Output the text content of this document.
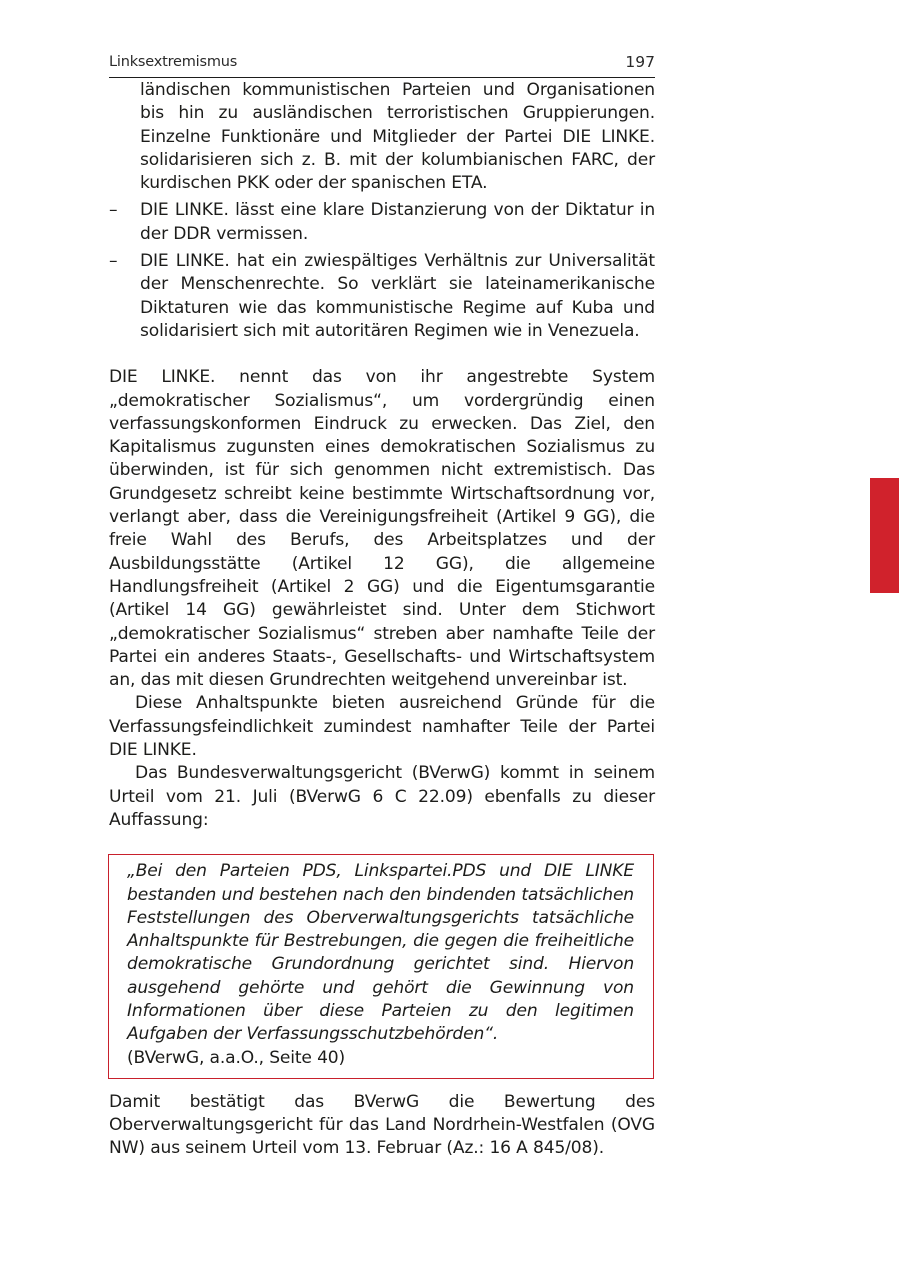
Linksextremismus	197

ländischen kommunistischen Parteien und Organisationen bis hin zu ausländischen terroristischen Gruppierungen. Einzelne Funktionäre und Mitglieder der Partei DIE LINKE. solidarisieren sich z. B. mit der kolumbianischen FARC, der kurdischen PKK oder der spanischen ETA.

– DIE LINKE. lässt eine klare Distanzierung von der Diktatur in der DDR vermissen.
– DIE LINKE. hat ein zwiespältiges Verhältnis zur Universalität der Menschenrechte. So verklärt sie lateinamerikanische Diktaturen wie das kommunistische Regime auf Kuba und solidarisiert sich mit autoritären Regimen wie in Venezuela.

DIE LINKE. nennt das von ihr angestrebte System „demokratischer Sozialismus“, um vordergründig einen verfassungskonformen Eindruck zu erwecken. Das Ziel, den Kapitalismus zugunsten eines demokratischen Sozialismus zu überwinden, ist für sich genommen nicht extremistisch. Das Grundgesetz schreibt keine bestimmte Wirtschaftsordnung vor, verlangt aber, dass die Vereinigungsfreiheit (Artikel 9 GG), die freie Wahl des Berufs, des Arbeitsplatzes und der Ausbildungsstätte (Artikel 12 GG), die allgemeine Handlungsfreiheit (Artikel 2 GG) und die Eigentumsgarantie (Artikel 14 GG) gewährleistet sind. Unter dem Stichwort „demokratischer Sozialismus“ streben aber namhafte Teile der Partei ein anderes Staats-, Gesellschafts- und Wirtschaftsystem an, das mit diesen Grundrechten weitgehend unvereinbar ist.

Diese Anhaltspunkte bieten ausreichend Gründe für die Verfassungsfeindlichkeit zumindest namhafter Teile der Partei DIE LINKE.

Das Bundesverwaltungsgericht (BVerwG) kommt in seinem Urteil vom 21. Juli (BVerwG 6 C 22.09) ebenfalls zu dieser Auffassung:

„Bei den Parteien PDS, Linkspartei.PDS und DIE LINKE bestanden und bestehen nach den bindenden tatsächlichen Feststellungen des Oberverwaltungsgerichts tatsächliche Anhaltspunkte für Bestrebungen, die gegen die freiheitliche demokratische Grundordnung gerichtet sind. Hiervon ausgehend gehörte und gehört die Gewinnung von Informationen über diese Parteien zu den legitimen Aufgaben der Verfassungsschutzbehörden“.

(BVerwG, a.a.O., Seite 40)

Damit bestätigt das BVerwG die Bewertung des Oberverwaltungsgericht für das Land Nordrhein-Westfalen (OVG NW) aus seinem Urteil vom 13. Februar (Az.: 16 A 845/08).
